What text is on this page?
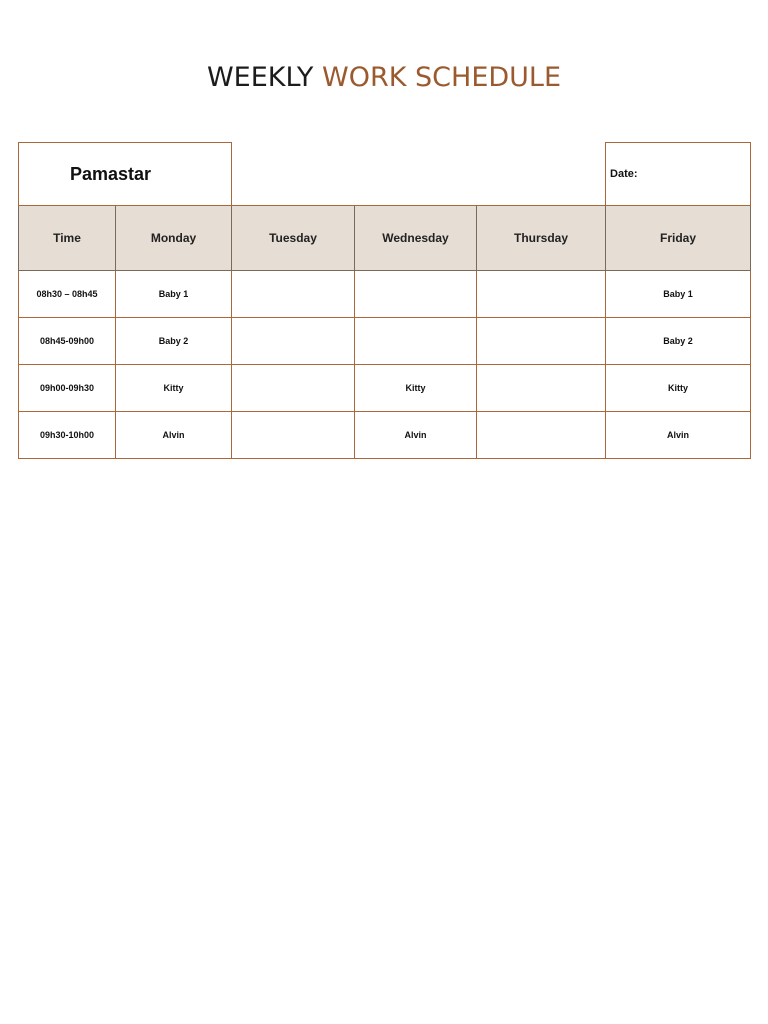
WEEKLY WORK SCHEDULE
Pamastar					Date:
Time	Monday	Tuesday	Wednesday	Thursday	Friday
08h30 – 08h45	Baby 1				Baby 1
08h45-09h00	Baby 2				Baby 2
09h00-09h30	Kitty		Kitty		Kitty
09h30-10h00	Alvin		Alvin		Alvin
